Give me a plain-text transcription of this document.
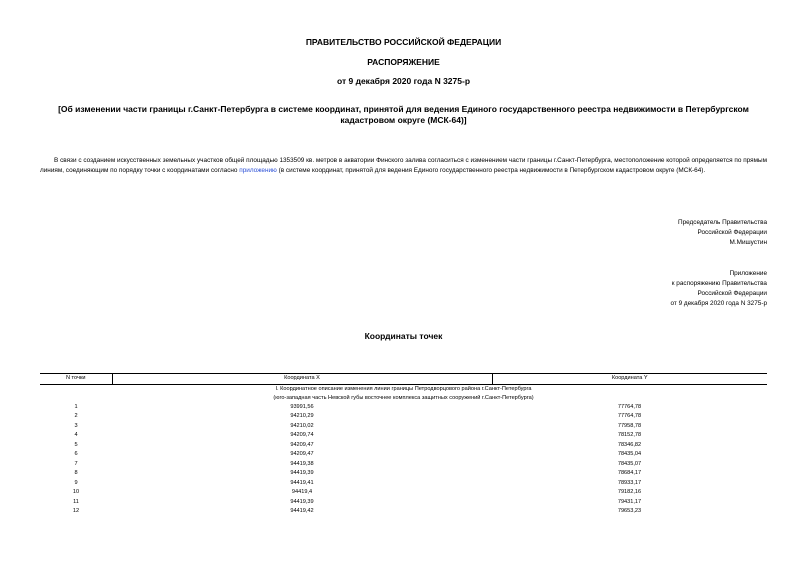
ПРАВИТЕЛЬСТВО РОССИЙСКОЙ ФЕДЕРАЦИИ
РАСПОРЯЖЕНИЕ
от 9 декабря 2020 года N 3275-р
[Об изменении части границы г.Санкт-Петербурга в системе координат, принятой для ведения Единого государственного реестра недвижимости в Петербургском кадастровом округе (МСК-64)]
В связи с созданием искусственных земельных участков общей площадью 1353509 кв. метров в акватории Финского залива согласиться с изменением части границы г.Санкт-Петербурга, местоположение которой определяется по прямым линиям, соединяющим по порядку точки с координатами согласно приложению (в системе координат, принятой для ведения Единого государственного реестра недвижимости в Петербургском кадастровом округе (МСК-64).
Председатель Правительства
Российской Федерации
М.Мишустин
Приложение
к распоряжению Правительства
Российской Федерации
от 9 декабря 2020 года N 3275-р
Координаты точек
N точки	Координата X	Координата Y

I. Координатное описание изменения линии границы Петродворцового района г.Санкт-Петербурга
(юго-западная часть Невской губы восточнее комплекса защитных сооружений г.Санкт-Петербурга)		

1	93991,56	77764,78
2	94210,29	77764,78
3	94210,02	77958,78
4	94209,74	78152,78
5	94209,47	78346,82
6	94209,47	78435,04
7	94419,38	78435,07
8	94419,39	78684,17
9	94419,41	78933,17
10	94419,4	79182,16
11	94419,39	79431,17
12	94419,42	79653,23
